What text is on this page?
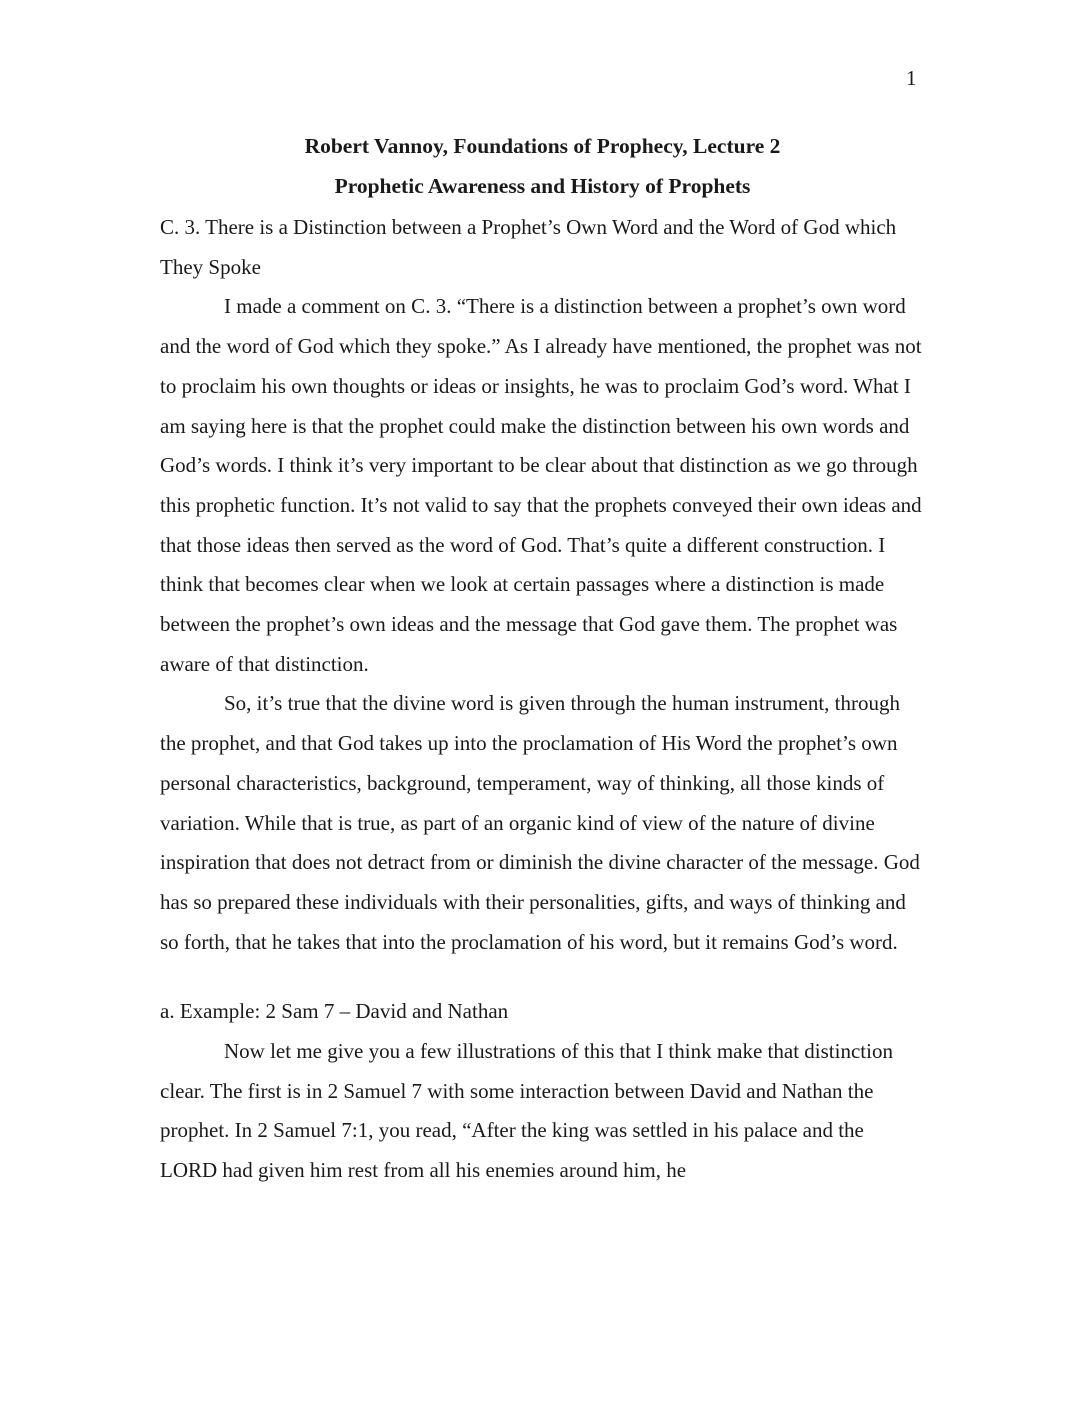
1
Robert Vannoy, Foundations of Prophecy, Lecture 2
Prophetic Awareness and History of Prophets

C. 3. There is a Distinction between a Prophet’s Own Word and the Word of God which They Spoke

I made a comment on C. 3. “There is a distinction between a prophet’s own word and the word of God which they spoke.” As I already have mentioned, the prophet was not to proclaim his own thoughts or ideas or insights, he was to proclaim God’s word. What I am saying here is that the prophet could make the distinction between his own words and God’s words. I think it’s very important to be clear about that distinction as we go through this prophetic function. It’s not valid to say that the prophets conveyed their own ideas and that those ideas then served as the word of God. That’s quite a different construction. I think that becomes clear when we look at certain passages where a distinction is made between the prophet’s own ideas and the message that God gave them. The prophet was aware of that distinction.

So, it’s true that the divine word is given through the human instrument, through the prophet, and that God takes up into the proclamation of His Word the prophet’s own personal characteristics, background, temperament, way of thinking, all those kinds of variation. While that is true, as part of an organic kind of view of the nature of divine inspiration that does not detract from or diminish the divine character of the message. God has so prepared these individuals with their personalities, gifts, and ways of thinking and so forth, that he takes that into the proclamation of his word, but it remains God’s word.

a. Example: 2 Sam 7 – David and Nathan

Now let me give you a few illustrations of this that I think make that distinction clear. The first is in 2 Samuel 7 with some interaction between David and Nathan the prophet. In 2 Samuel 7:1, you read, “After the king was settled in his palace and the LORD had given him rest from all his enemies around him, he
